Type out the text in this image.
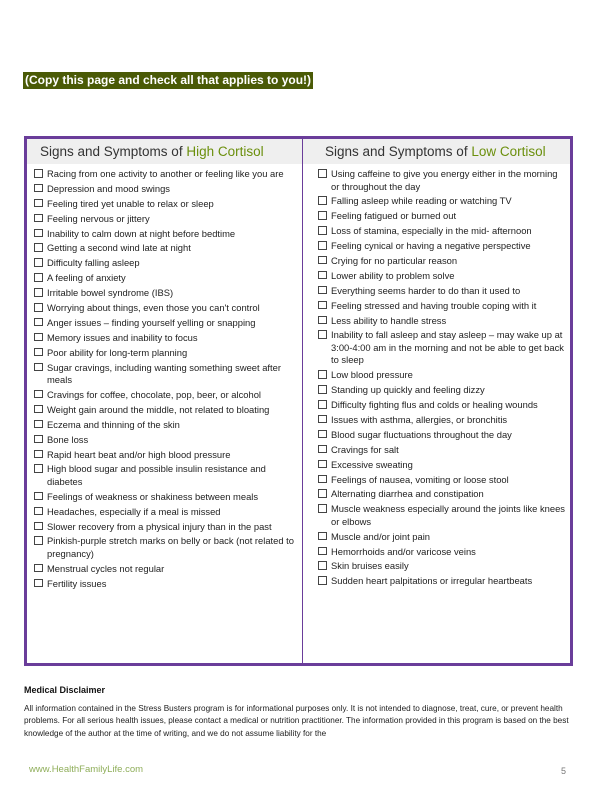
(Copy this page and check all that applies to you!)
Signs and Symptoms of High Cortisol
Racing from one activity to another or feeling like you are
Depression and mood swings
Feeling tired yet unable to relax or sleep
Feeling nervous or jittery
Inability to calm down at night before bedtime
Getting a second wind late at night
Difficulty falling asleep
A feeling of anxiety
Irritable bowel syndrome (IBS)
Worrying about things, even those you can't control
Anger issues – finding yourself yelling or snapping
Memory issues and inability to focus
Poor ability for long-term planning
Sugar cravings, including wanting something sweet after meals
Cravings for coffee, chocolate, pop, beer, or alcohol
Weight gain around the middle, not related to bloating
Eczema and thinning of the skin
Bone loss
Rapid heart beat and/or high blood pressure
High blood sugar and possible insulin resistance and diabetes
Feelings of weakness or shakiness between meals
Headaches, especially if a meal is missed
Slower recovery from a physical injury than in the past
Pinkish-purple stretch marks on belly or back (not related to pregnancy)
Menstrual cycles not regular
Fertility issues
Signs and Symptoms of Low Cortisol
Using caffeine to give you energy either in the morning or throughout the day
Falling asleep while reading or watching TV
Feeling fatigued or burned out
Loss of stamina, especially in the mid- afternoon
Feeling cynical or having a negative perspective
Crying for no particular reason
Lower ability to problem solve
Everything seems harder to do than it used to
Feeling stressed and having trouble coping with it
Less ability to handle stress
Inability to fall asleep and stay asleep – may wake up at 3:00-4:00 am in the morning and not be able to get back to sleep
Low blood pressure
Standing up quickly and feeling dizzy
Difficulty fighting flus and colds or healing wounds
Issues with asthma, allergies, or bronchitis
Blood sugar fluctuations throughout the day
Cravings for salt
Excessive sweating
Feelings of nausea, vomiting or loose stool
Alternating diarrhea and constipation
Muscle weakness especially around the joints like knees or elbows
Muscle and/or joint pain
Hemorrhoids and/or varicose veins
Skin bruises easily
Sudden heart palpitations or irregular heartbeats
Medical Disclaimer
All information contained in the Stress Busters program is for informational purposes only. It is not intended to diagnose, treat, cure, or prevent health problems. For all serious health issues, please contact a medical or nutrition practitioner. The information provided in this program is based on the best knowledge of the author at the time of writing, and we do not assume liability for the
www.HealthFamilyLife.com	5
